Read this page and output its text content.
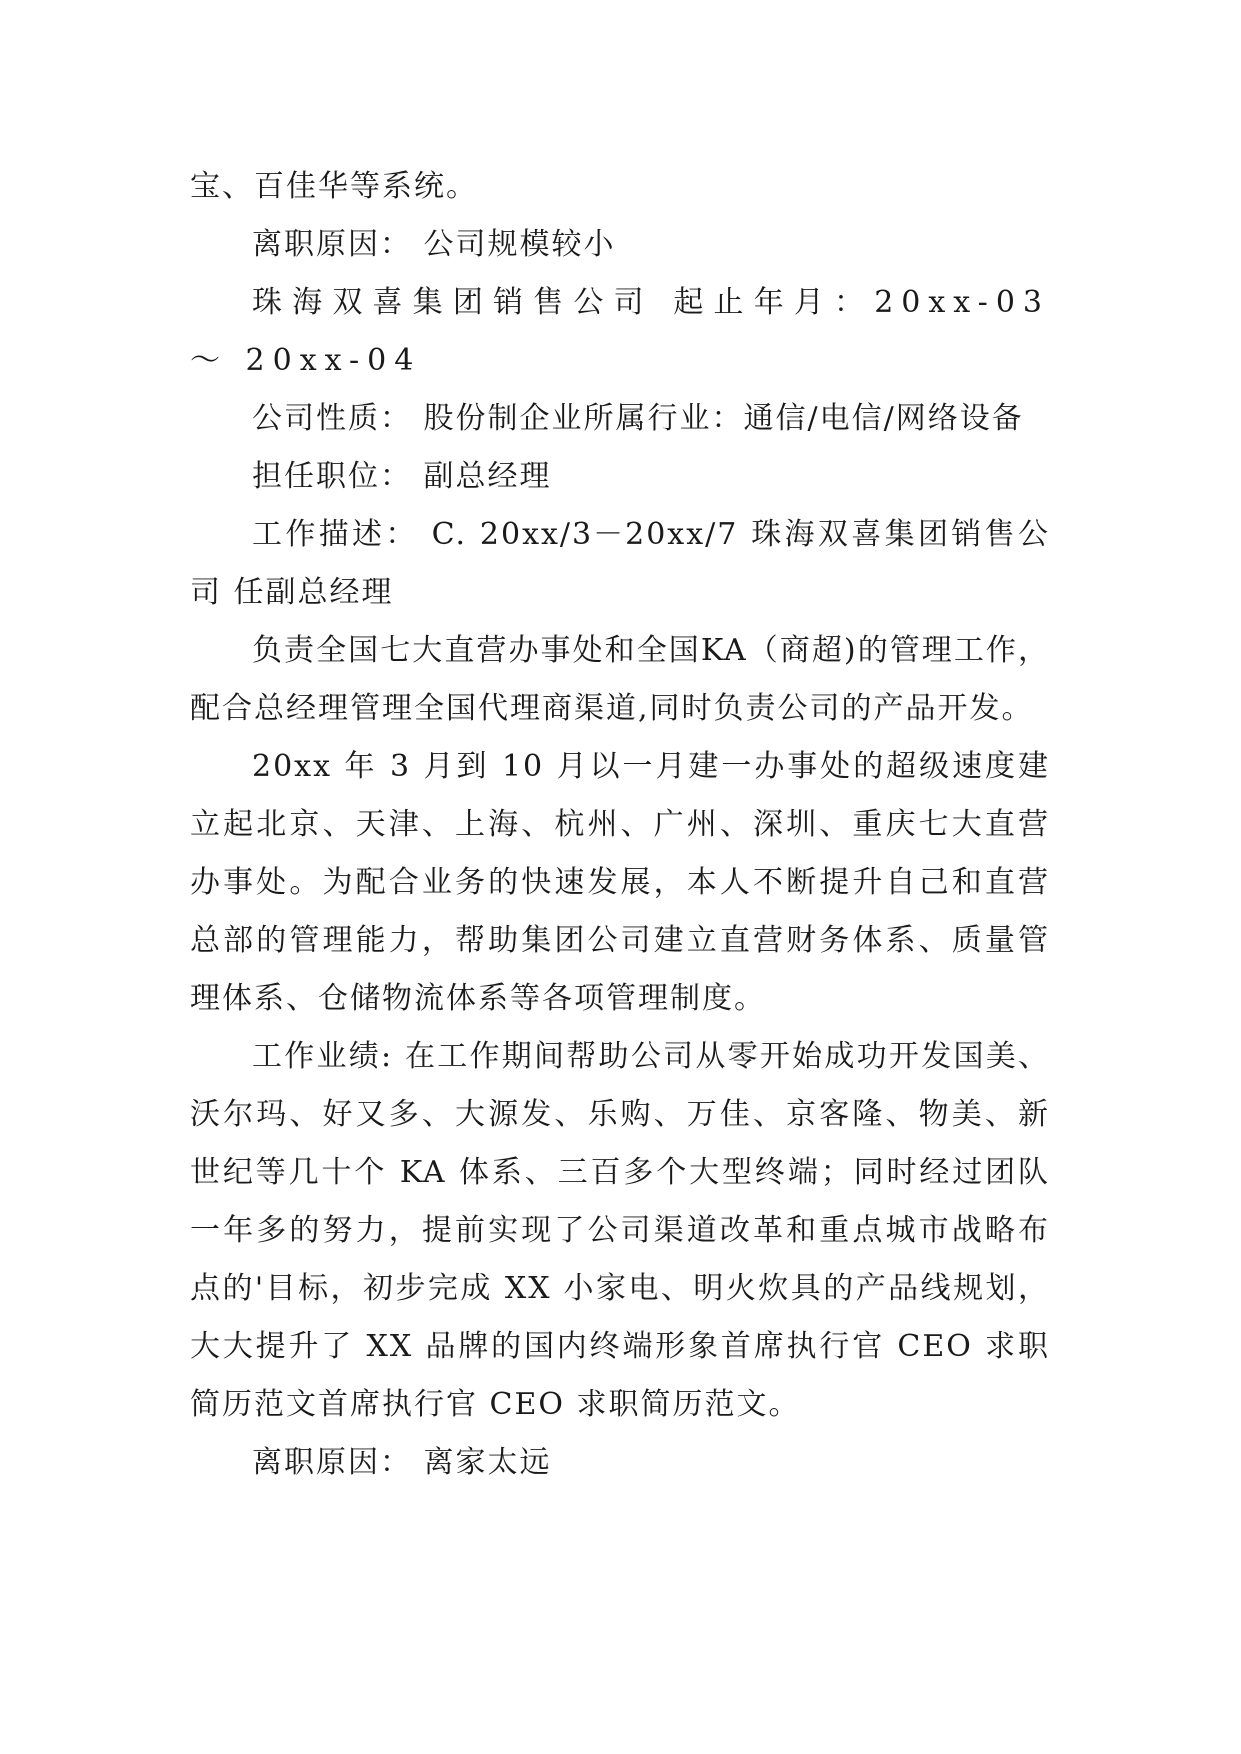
宝、百佳华等系统。

离职原因： 公司规模较小

珠海双喜集团销售公司 起止年月：20xx-03 ～ 20xx-04

公司性质： 股份制企业所属行业：通信/电信/网络设备

担任职位： 副总经理

工作描述： C. 20xx/3－20xx/7 珠海双喜集团销售公司 任副总经理

负责全国七大直营办事处和全国KA（商超)的管理工作，配合总经理管理全国代理商渠道,同时负责公司的产品开发。

20xx 年 3 月到 10 月以一月建一办事处的超级速度建立起北京、天津、上海、杭州、广州、深圳、重庆七大直营办事处。为配合业务的快速发展，本人不断提升自己和直营总部的管理能力，帮助集团公司建立直营财务体系、质量管理体系、仓储物流体系等各项管理制度。

工作业绩: 在工作期间帮助公司从零开始成功开发国美、沃尔玛、好又多、大源发、乐购、万佳、京客隆、物美、新世纪等几十个 KA 体系、三百多个大型终端；同时经过团队一年多的努力，提前实现了公司渠道改革和重点城市战略布点的'目标，初步完成 XX 小家电、明火炊具的产品线规划，大大提升了 XX 品牌的国内终端形象首席执行官 CEO 求职简历范文首席执行官 CEO 求职简历范文。

离职原因： 离家太远
